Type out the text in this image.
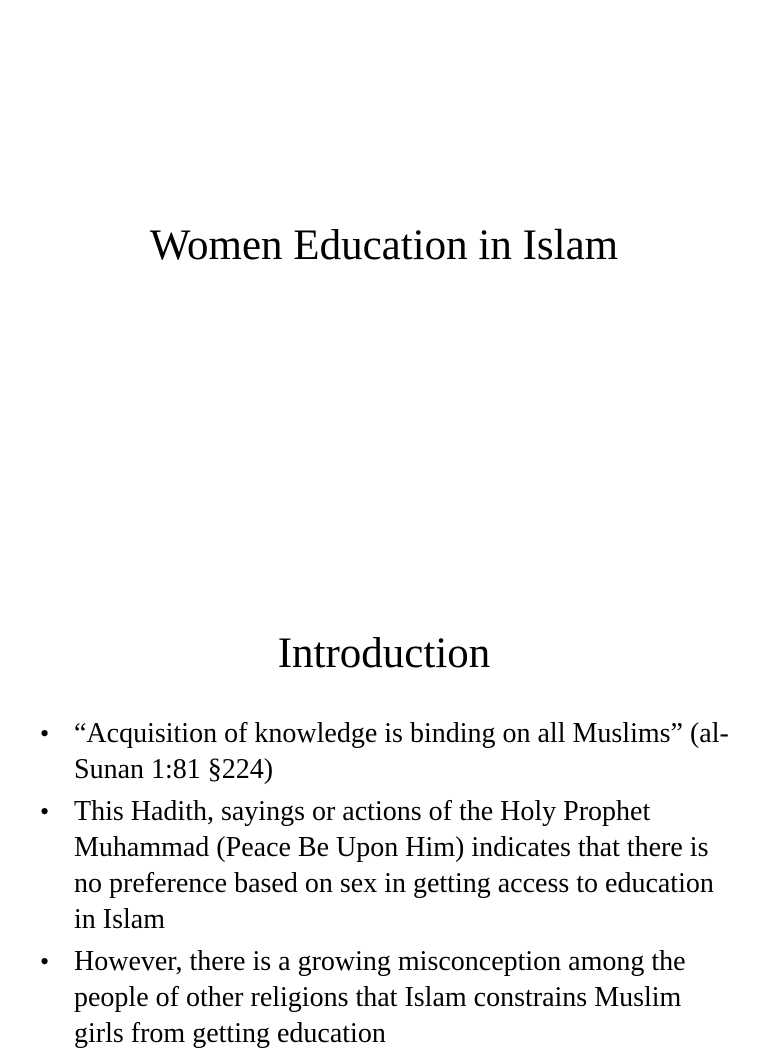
Women Education in Islam
Introduction
• “Acquisition of knowledge is binding on all Muslims” (al-Sunan 1:81 §224)
• This Hadith, sayings or actions of the Holy Prophet Muhammad (Peace Be Upon Him) indicates that there is no preference based on sex in getting access to education in Islam
• However, there is a growing misconception among the people of other religions that Islam constrains Muslim girls from getting education
